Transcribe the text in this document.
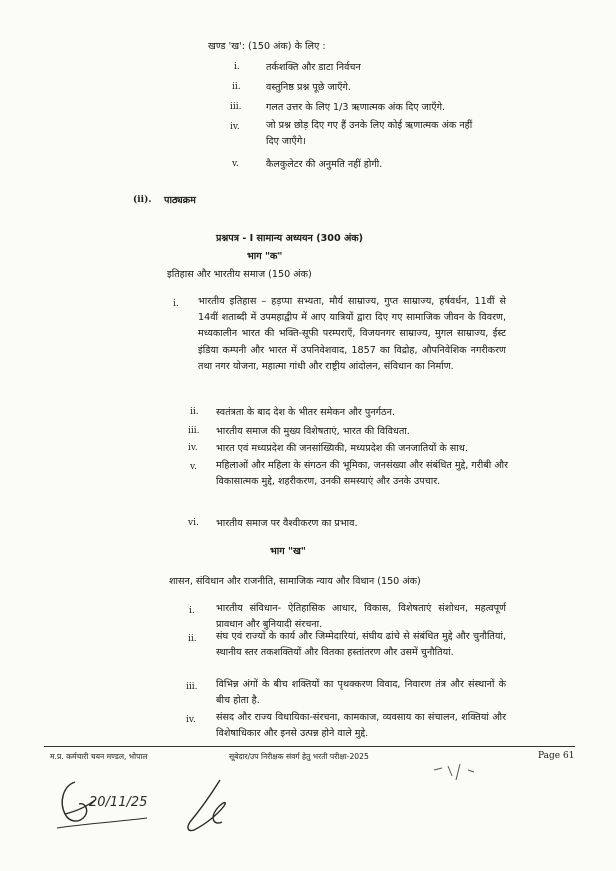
खण्ड 'ख': (150 अंक) के लिए :
i.	तर्कशक्ति और डाटा निर्वचन
ii.	वस्तुनिष्ठ प्रश्न पूछे जाएँगे.
iii.	गलत उत्तर के लिए 1/3 ऋणात्मक अंक दिए जाएँगे.
iv.	जो प्रश्न छोड़ दिए गए हैं उनके लिए कोई ऋणात्मक अंक नहीं दिए जाएँगे।
v.	कैलकुलेटर की अनुमति नहीं होगी.
(ii). पाठ्यक्रम
प्रश्नपत्र - I सामान्य अध्ययन (300 अंक)
भाग "क"
इतिहास और भारतीय समाज (150 अंक)
i. भारतीय इतिहास – हड़प्पा सभ्यता, मौर्य साम्राज्य, गुप्त साम्राज्य, हर्षवर्धन, 11वीं से 14वीं शताब्दी में उपमहाद्वीप में आए यात्रियों द्वारा दिए गए सामाजिक जीवन के विवरण, मध्यकालीन भारत की भक्ति-सूफी परम्पराएँ, विजयनगर साम्राज्य, मुगल साम्राज्य, ईस्ट इंडिया कम्पनी और भारत में उपनिवेशवाद, 1857 का विद्रोह, औपनिवेशिक नगरीकरण तथा नगर योजना, महात्मा गांधी और राष्ट्रीय आंदोलन, संविधान का निर्माण.
ii. स्वतंत्रता के बाद देश के भीतर समेकन और पुनर्गठन.
iii. भारतीय समाज की मुख्य विशेषताएं, भारत की विविधता.
iv. भारत एवं मध्यप्रदेश की जनसांख्यिकी, मध्यप्रदेश की जनजातियों के साथ.
v. महिलाओं और महिला के संगठन की भूमिका, जनसंख्या और संबंधित मुद्दे, गरीबी और विकासात्मक मुद्दे, शहरीकरण, उनकी समस्याएं और उनके उपचार.
vi. भारतीय समाज पर वैश्वीकरण का प्रभाव.
भाग "ख"
शासन, संविधान और राजनीति, सामाजिक न्याय और विधान (150 अंक)
i. भारतीय संविधान- ऐतिहासिक आधार, विकास, विशेषताएं संशोधन, महत्वपूर्ण प्रावधान और बुनियादी संरचना.
ii. संघ एवं राज्यों के कार्य और जिम्मेदारियां, संघीय ढांचे से संबंधित मुद्दे और चुनौतियां, स्थानीय स्तर तकशक्तियों और वितका हस्तांतरण और उसमें चुनौतियां.
iii. विभिन्न अंगों के बीच शक्तियों का पृथक्करण विवाद, निवारण तंत्र और संस्थानों के बीच होता है.
iv. संसद और राज्य विधायिका-संरचना, कामकाज, व्यवसाय का संचालन, शक्तियां और विशेषाधिकार और इनसे उत्पन्न होने वाले मुद्दे.
म.प्र. कर्मचारी चयन मण्डल, भोपाल	सूबेदार/उप निरीक्षक संवर्ग हेतु भरती परीक्षा-2025	Page 61
20/11/25
